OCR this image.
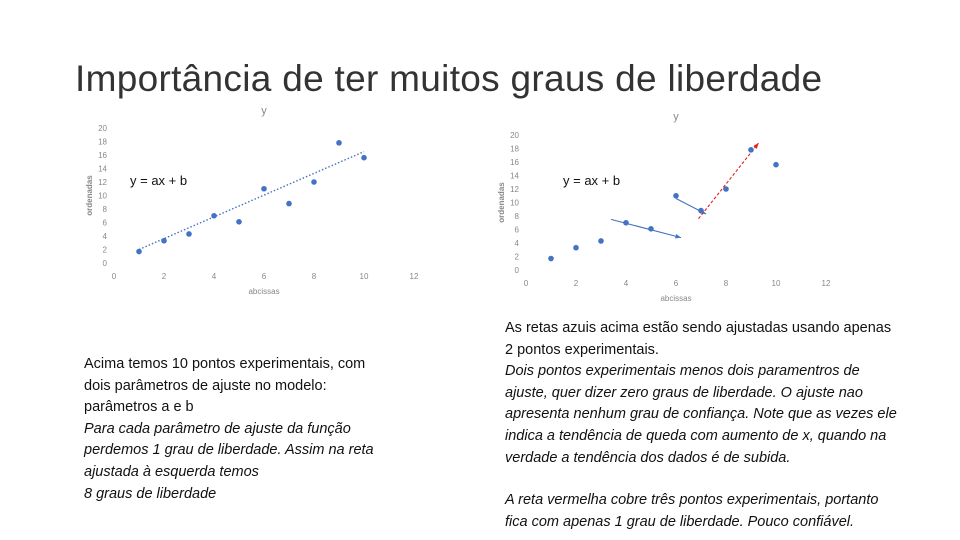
Importância de ter muitos graus de liberdade
y
0
2
4
6
8
10
12
14
16
18
20
0	2	4	6	8	10	12
abcissas
ordenadas	y = ax + b
y
0
2
4
6
8
10
12
14
16
18
20
0	2	4	6	8	10	12
abcissas
ordenadas
y = ax + b

Acima temos 10 pontos experimentais, com

dois parâmetros de ajuste no modelo:

parâmetros a e b

Para cada parâmetro de ajuste da função

perdemos 1 grau de liberdade. Assim na reta

ajustada à esquerda temos

8 graus de liberdade

As retas azuis acima estão sendo ajustadas usando apenas

2 pontos experimentais.

Dois pontos experimentais menos dois paramentros de

ajuste, quer dizer zero graus de liberdade. O ajuste nao

apresenta nenhum grau de confiança. Note que as vezes ele

indica a tendência de queda com aumento de x, quando na

verdade a tendência dos dados é de subida.

A reta vermelha cobre três pontos experimentais, portanto

fica com apenas 1 grau de liberdade. Pouco confiável.
